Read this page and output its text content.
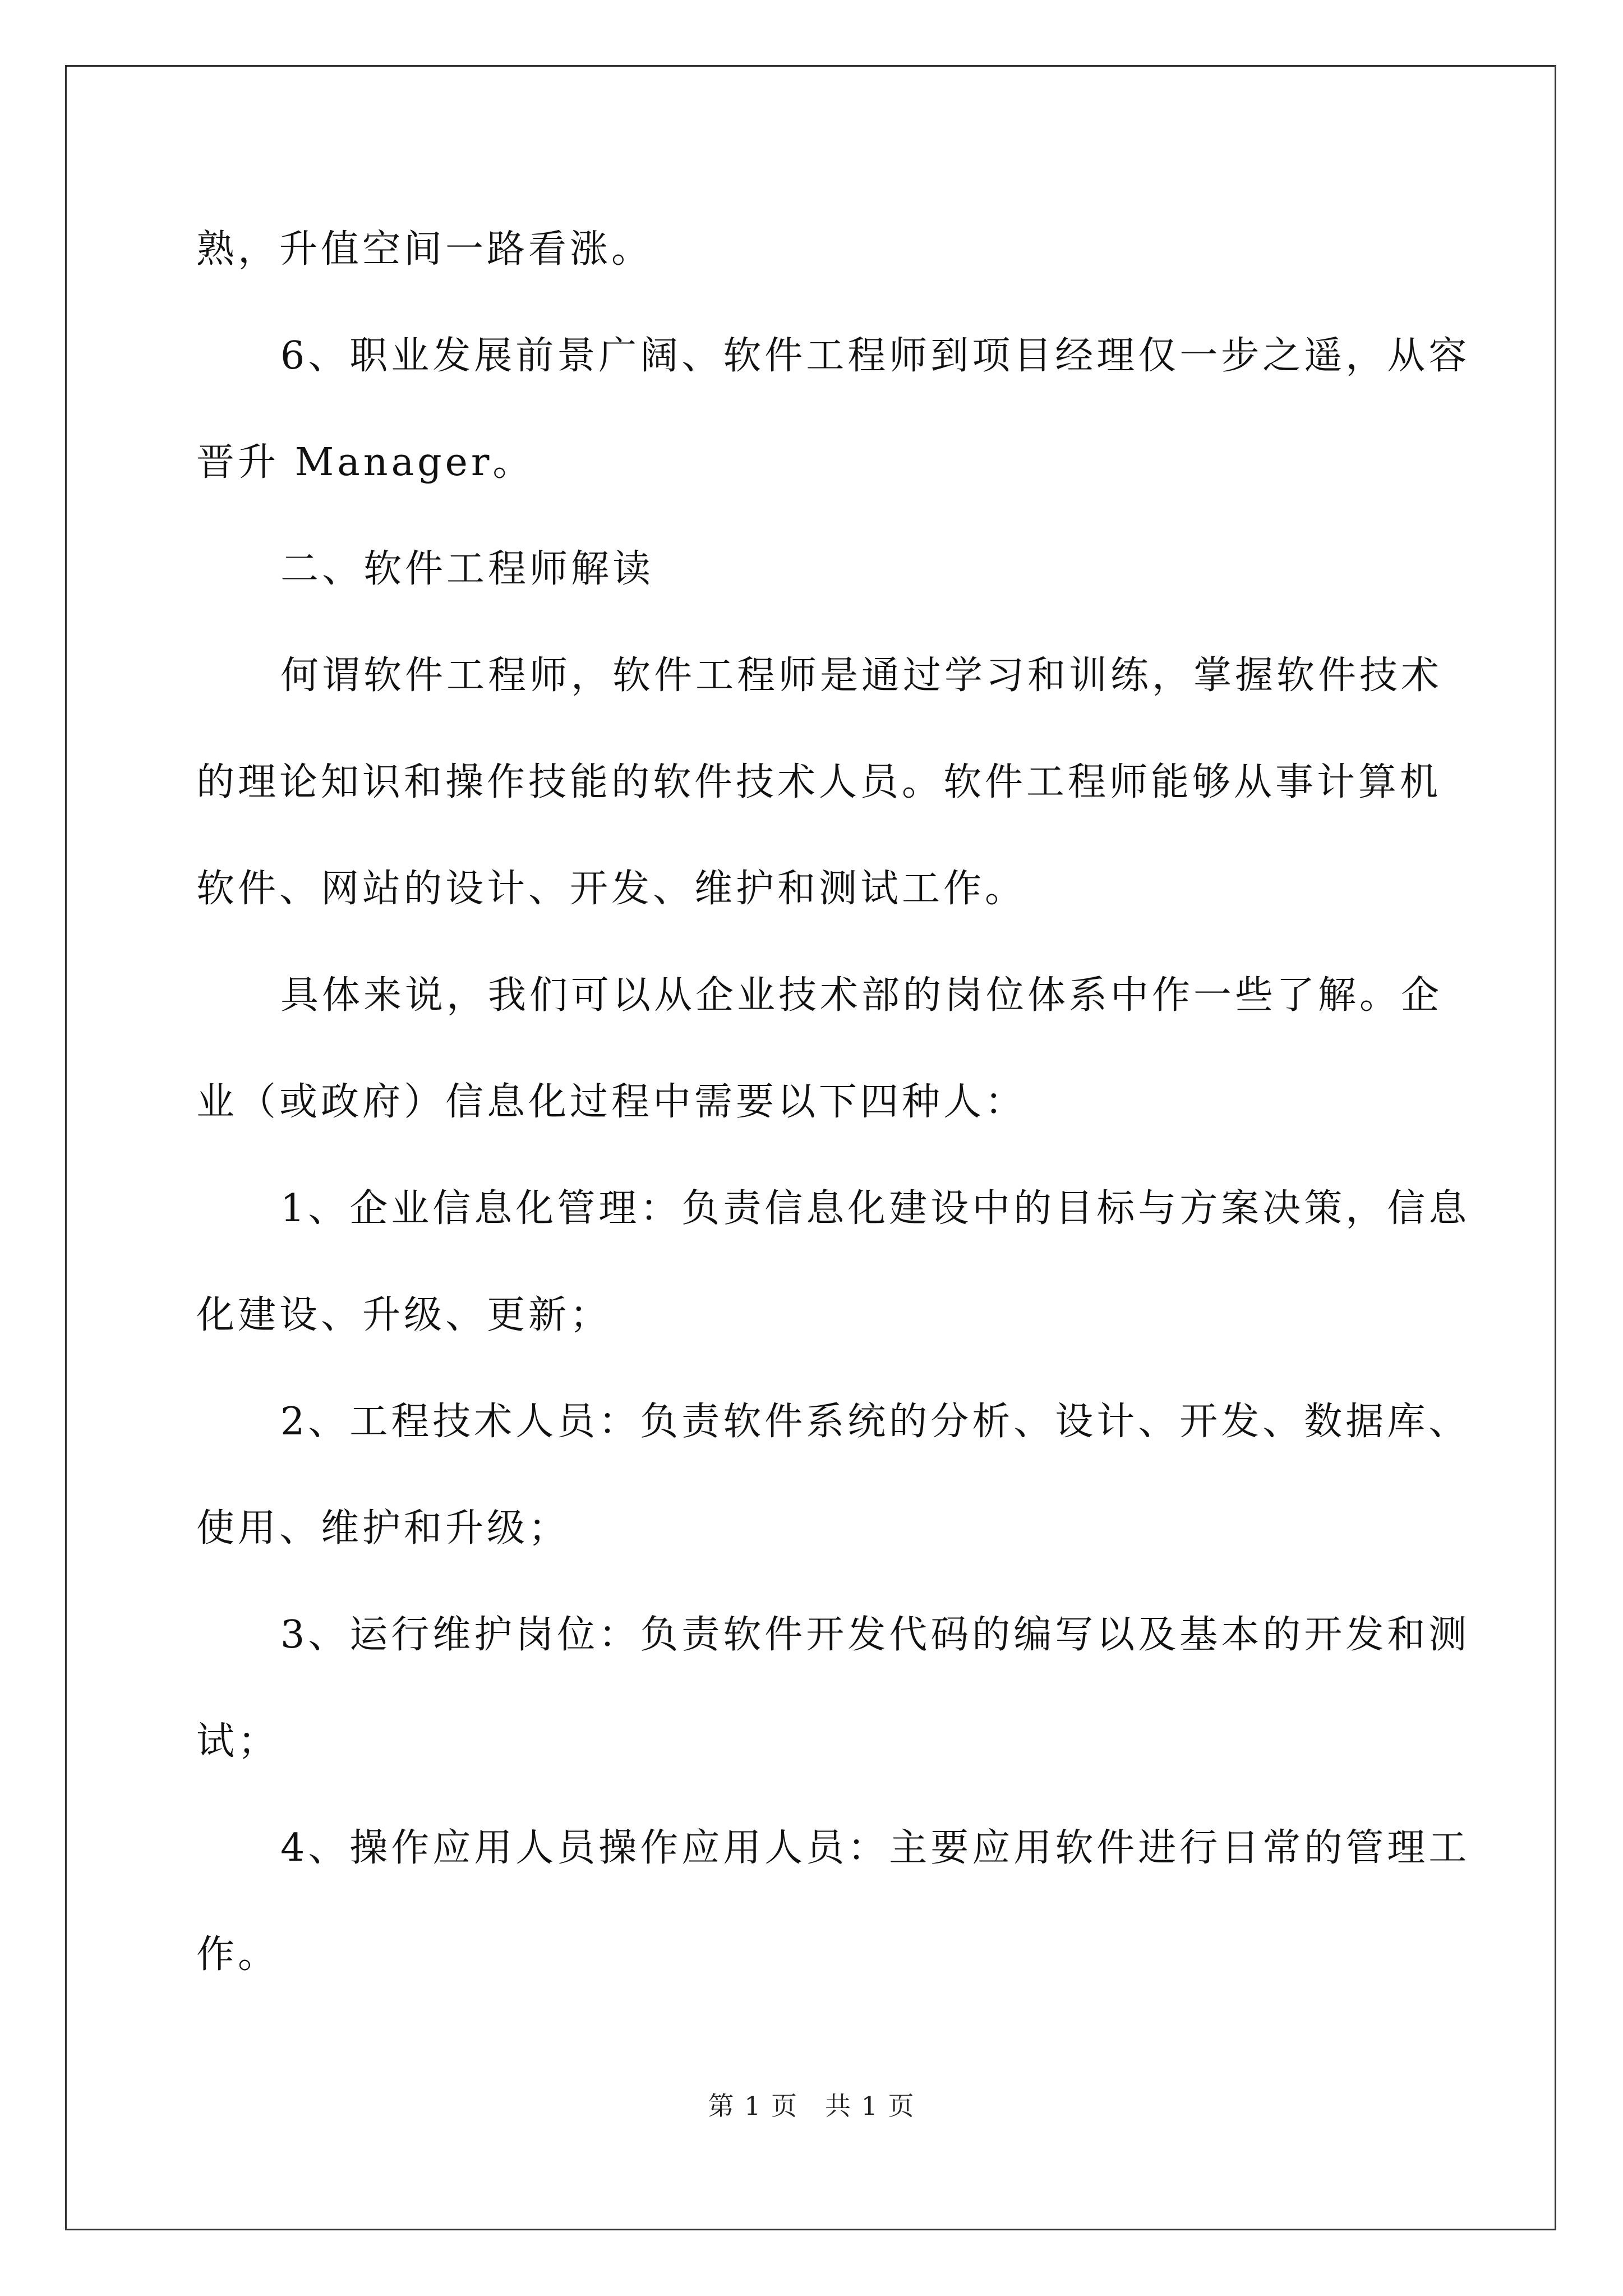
熟，升值空间一路看涨。

6、职业发展前景广阔、软件工程师到项目经理仅一步之遥，从容

晋升 Manager。

二、软件工程师解读

何谓软件工程师，软件工程师是通过学习和训练，掌握软件技术

的理论知识和操作技能的软件技术人员。软件工程师能够从事计算机

软件、网站的设计、开发、维护和测试工作。

具体来说，我们可以从企业技术部的岗位体系中作一些了解。企

业（或政府）信息化过程中需要以下四种人：

1、企业信息化管理：负责信息化建设中的目标与方案决策，信息

化建设、升级、更新；

2、工程技术人员：负责软件系统的分析、设计、开发、数据库、

使用、维护和升级；

3、运行维护岗位：负责软件开发代码的编写以及基本的开发和测

试；

4、操作应用人员操作应用人员：主要应用软件进行日常的管理工

作。

第 1 页　共 1 页
